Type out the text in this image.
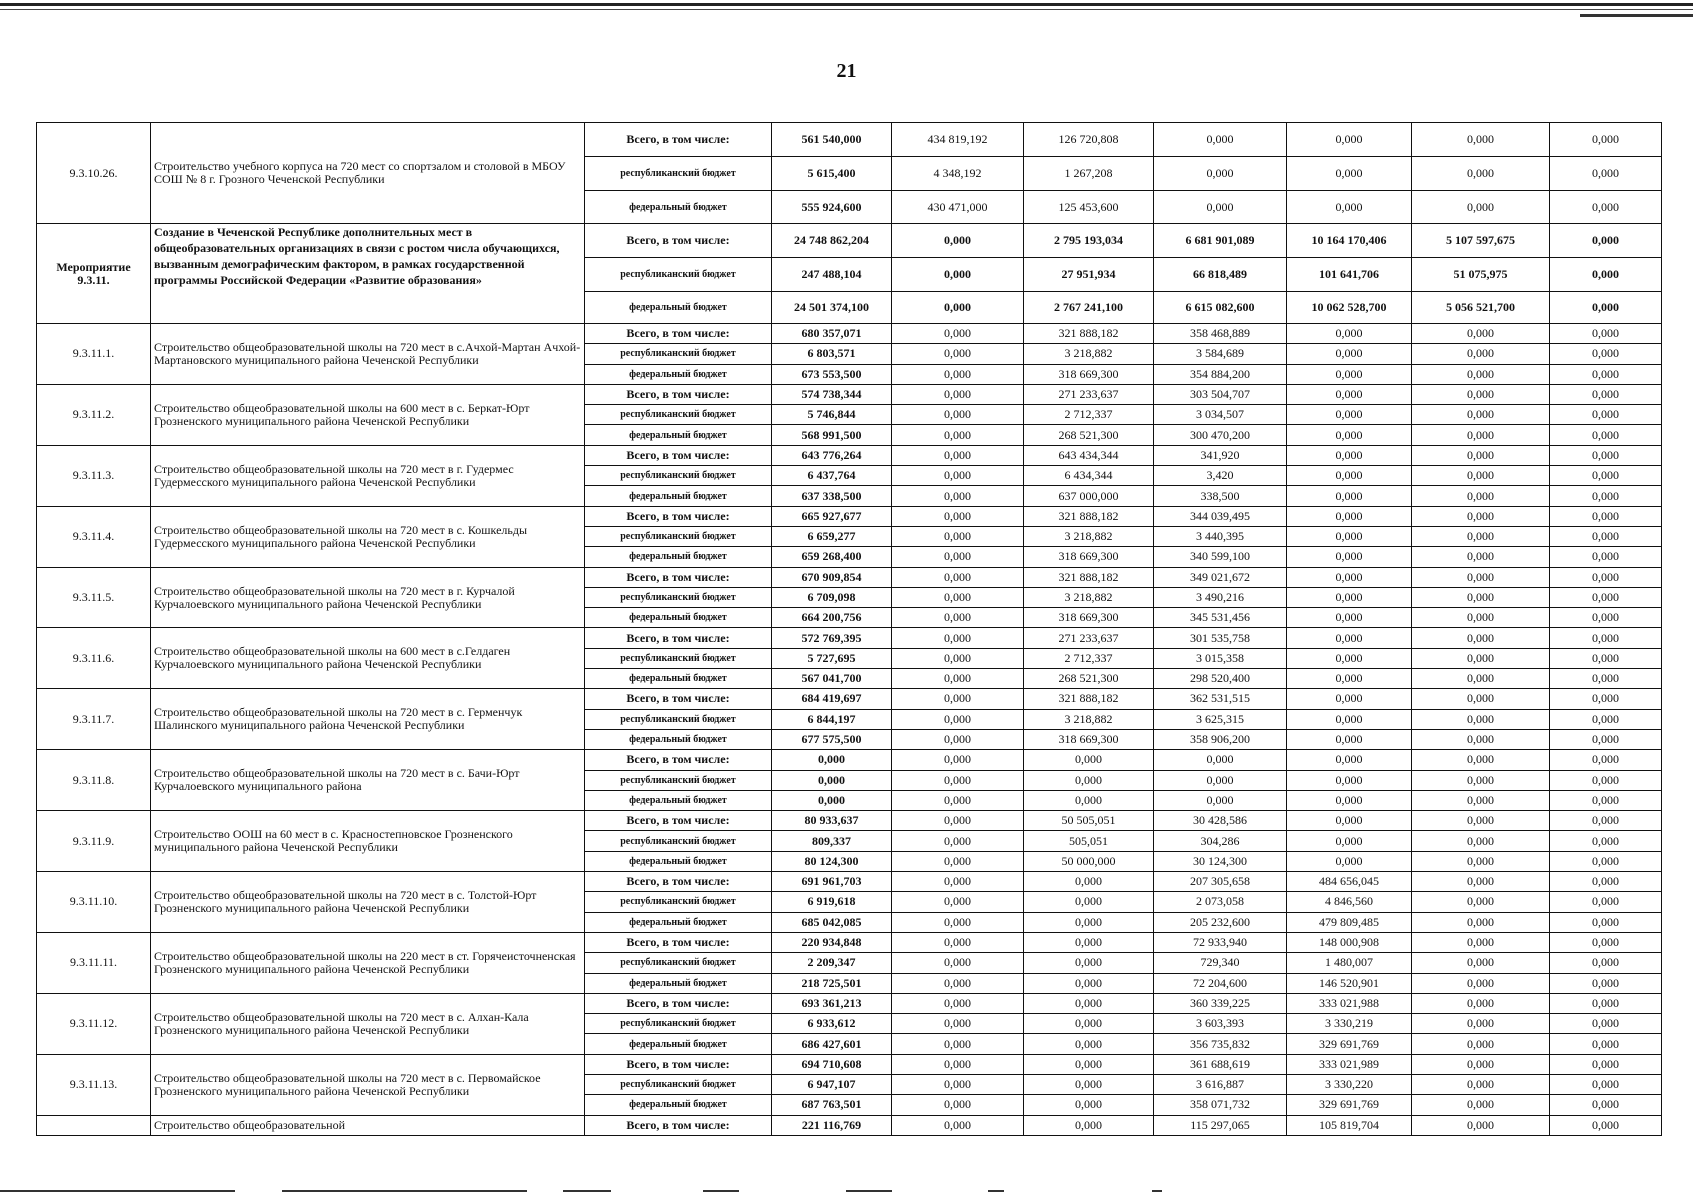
21
9.3.10.26.	Строительство учебного корпуса на 720 мест со спортзалом и столовой в МБОУ СОШ № 8 г. Грозного Чеченской Республики	Всего, в том числе:	561 540,000	434 819,192	126 720,808	0,000	0,000	0,000	0,000
		республиканский бюджет	5 615,400	4 348,192	1 267,208	0,000	0,000	0,000	0,000
		федеральный бюджет	555 924,600	430 471,000	125 453,600	0,000	0,000	0,000	0,000
Мероприятие 9.3.11.	Создание в Чеченской Республике дополнительных мест в общеобразовательных организациях в связи с ростом числа обучающихся, вызванным демографическим фактором, в рамках государственной программы Российской Федерации «Развитие образования»	Всего, в том числе:	24 748 862,204	0,000	2 795 193,034	6 681 901,089	10 164 170,406	5 107 597,675	0,000
		республиканский бюджет	247 488,104	0,000	27 951,934	66 818,489	101 641,706	51 075,975	0,000
		федеральный бюджет	24 501 374,100	0,000	2 767 241,100	6 615 082,600	10 062 528,700	5 056 521,700	0,000
9.3.11.1.	Строительство общеобразовательной школы на 720 мест в с.Ачхой-Мартан Ачхой-Мартановского муниципального района Чеченской Республики	Всего, в том числе:	680 357,071	0,000	321 888,182	358 468,889	0,000	0,000	0,000
		республиканский бюджет	6 803,571	0,000	3 218,882	3 584,689	0,000	0,000	0,000
		федеральный бюджет	673 553,500	0,000	318 669,300	354 884,200	0,000	0,000	0,000
9.3.11.2.	Строительство общеобразовательной школы на 600 мест в с. Беркат-Юрт Грозненского муниципального района Чеченской Республики	Всего, в том числе:	574 738,344	0,000	271 233,637	303 504,707	0,000	0,000	0,000
		республиканский бюджет	5 746,844	0,000	2 712,337	3 034,507	0,000	0,000	0,000
		федеральный бюджет	568 991,500	0,000	268 521,300	300 470,200	0,000	0,000	0,000
9.3.11.3.	Строительство общеобразовательной школы на 720 мест в г. Гудермес Гудермесского муниципального района Чеченской Республики	Всего, в том числе:	643 776,264	0,000	643 434,344	341,920	0,000	0,000	0,000
		республиканский бюджет	6 437,764	0,000	6 434,344	3,420	0,000	0,000	0,000
		федеральный бюджет	637 338,500	0,000	637 000,000	338,500	0,000	0,000	0,000
9.3.11.4.	Строительство общеобразовательной школы на 720 мест в с. Кошкельды Гудермесского муниципального района Чеченской Республики	Всего, в том числе:	665 927,677	0,000	321 888,182	344 039,495	0,000	0,000	0,000
		республиканский бюджет	6 659,277	0,000	3 218,882	3 440,395	0,000	0,000	0,000
		федеральный бюджет	659 268,400	0,000	318 669,300	340 599,100	0,000	0,000	0,000
9.3.11.5.	Строительство общеобразовательной школы на 720 мест в г. Курчалой Курчалоевского муниципального района Чеченской Республики	Всего, в том числе:	670 909,854	0,000	321 888,182	349 021,672	0,000	0,000	0,000
		республиканский бюджет	6 709,098	0,000	3 218,882	3 490,216	0,000	0,000	0,000
		федеральный бюджет	664 200,756	0,000	318 669,300	345 531,456	0,000	0,000	0,000
9.3.11.6.	Строительство общеобразовательной школы на 600 мест в с.Гелдаген Курчалоевского муниципального района Чеченской Республики	Всего, в том числе:	572 769,395	0,000	271 233,637	301 535,758	0,000	0,000	0,000
		республиканский бюджет	5 727,695	0,000	2 712,337	3 015,358	0,000	0,000	0,000
		федеральный бюджет	567 041,700	0,000	268 521,300	298 520,400	0,000	0,000	0,000
9.3.11.7.	Строительство общеобразовательной школы на 720 мест в с. Герменчук Шалинского муниципального района Чеченской Республики	Всего, в том числе:	684 419,697	0,000	321 888,182	362 531,515	0,000	0,000	0,000
		республиканский бюджет	6 844,197	0,000	3 218,882	3 625,315	0,000	0,000	0,000
		федеральный бюджет	677 575,500	0,000	318 669,300	358 906,200	0,000	0,000	0,000
9.3.11.8.	Строительство общеобразовательной школы на 720 мест в с. Бачи-Юрт Курчалоевского муниципального района	Всего, в том числе:	0,000	0,000	0,000	0,000	0,000	0,000	0,000
		республиканский бюджет	0,000	0,000	0,000	0,000	0,000	0,000	0,000
		федеральный бюджет	0,000	0,000	0,000	0,000	0,000	0,000	0,000
9.3.11.9.	Строительство ООШ на 60 мест в с. Красностепновское Грозненского муниципального района Чеченской Республики	Всего, в том числе:	80 933,637	0,000	50 505,051	30 428,586	0,000	0,000	0,000
		республиканский бюджет	809,337	0,000	505,051	304,286	0,000	0,000	0,000
		федеральный бюджет	80 124,300	0,000	50 000,000	30 124,300	0,000	0,000	0,000
9.3.11.10.	Строительство общеобразовательной школы на 720 мест в с. Толстой-Юрт Грозненского муниципального района Чеченской Республики	Всего, в том числе:	691 961,703	0,000	0,000	207 305,658	484 656,045	0,000	0,000
		республиканский бюджет	6 919,618	0,000	0,000	2 073,058	4 846,560	0,000	0,000
		федеральный бюджет	685 042,085	0,000	0,000	205 232,600	479 809,485	0,000	0,000
9.3.11.11.	Строительство общеобразовательной школы на 220 мест в ст. Горячеисточненская Грозненского муниципального района Чеченской Республики	Всего, в том числе:	220 934,848	0,000	0,000	72 933,940	148 000,908	0,000	0,000
		республиканский бюджет	2 209,347	0,000	0,000	729,340	1 480,007	0,000	0,000
		федеральный бюджет	218 725,501	0,000	0,000	72 204,600	146 520,901	0,000	0,000
9.3.11.12.	Строительство общеобразовательной школы на 720 мест в с. Алхан-Кала Грозненского муниципального района Чеченской Республики	Всего, в том числе:	693 361,213	0,000	0,000	360 339,225	333 021,988	0,000	0,000
		республиканский бюджет	6 933,612	0,000	0,000	3 603,393	3 330,219	0,000	0,000
		федеральный бюджет	686 427,601	0,000	0,000	356 735,832	329 691,769	0,000	0,000
9.3.11.13.	Строительство общеобразовательной школы на 720 мест в с. Первомайское Грозненского муниципального района Чеченской Республики	Всего, в том числе:	694 710,608	0,000	0,000	361 688,619	333 021,989	0,000	0,000
		республиканский бюджет	6 947,107	0,000	0,000	3 616,887	3 330,220	0,000	0,000
		федеральный бюджет	687 763,501	0,000	0,000	358 071,732	329 691,769	0,000	0,000
	Строительство общеобразовательной	Всего, в том числе:	221 116,769	0,000	0,000	115 297,065	105 819,704	0,000	0,000
